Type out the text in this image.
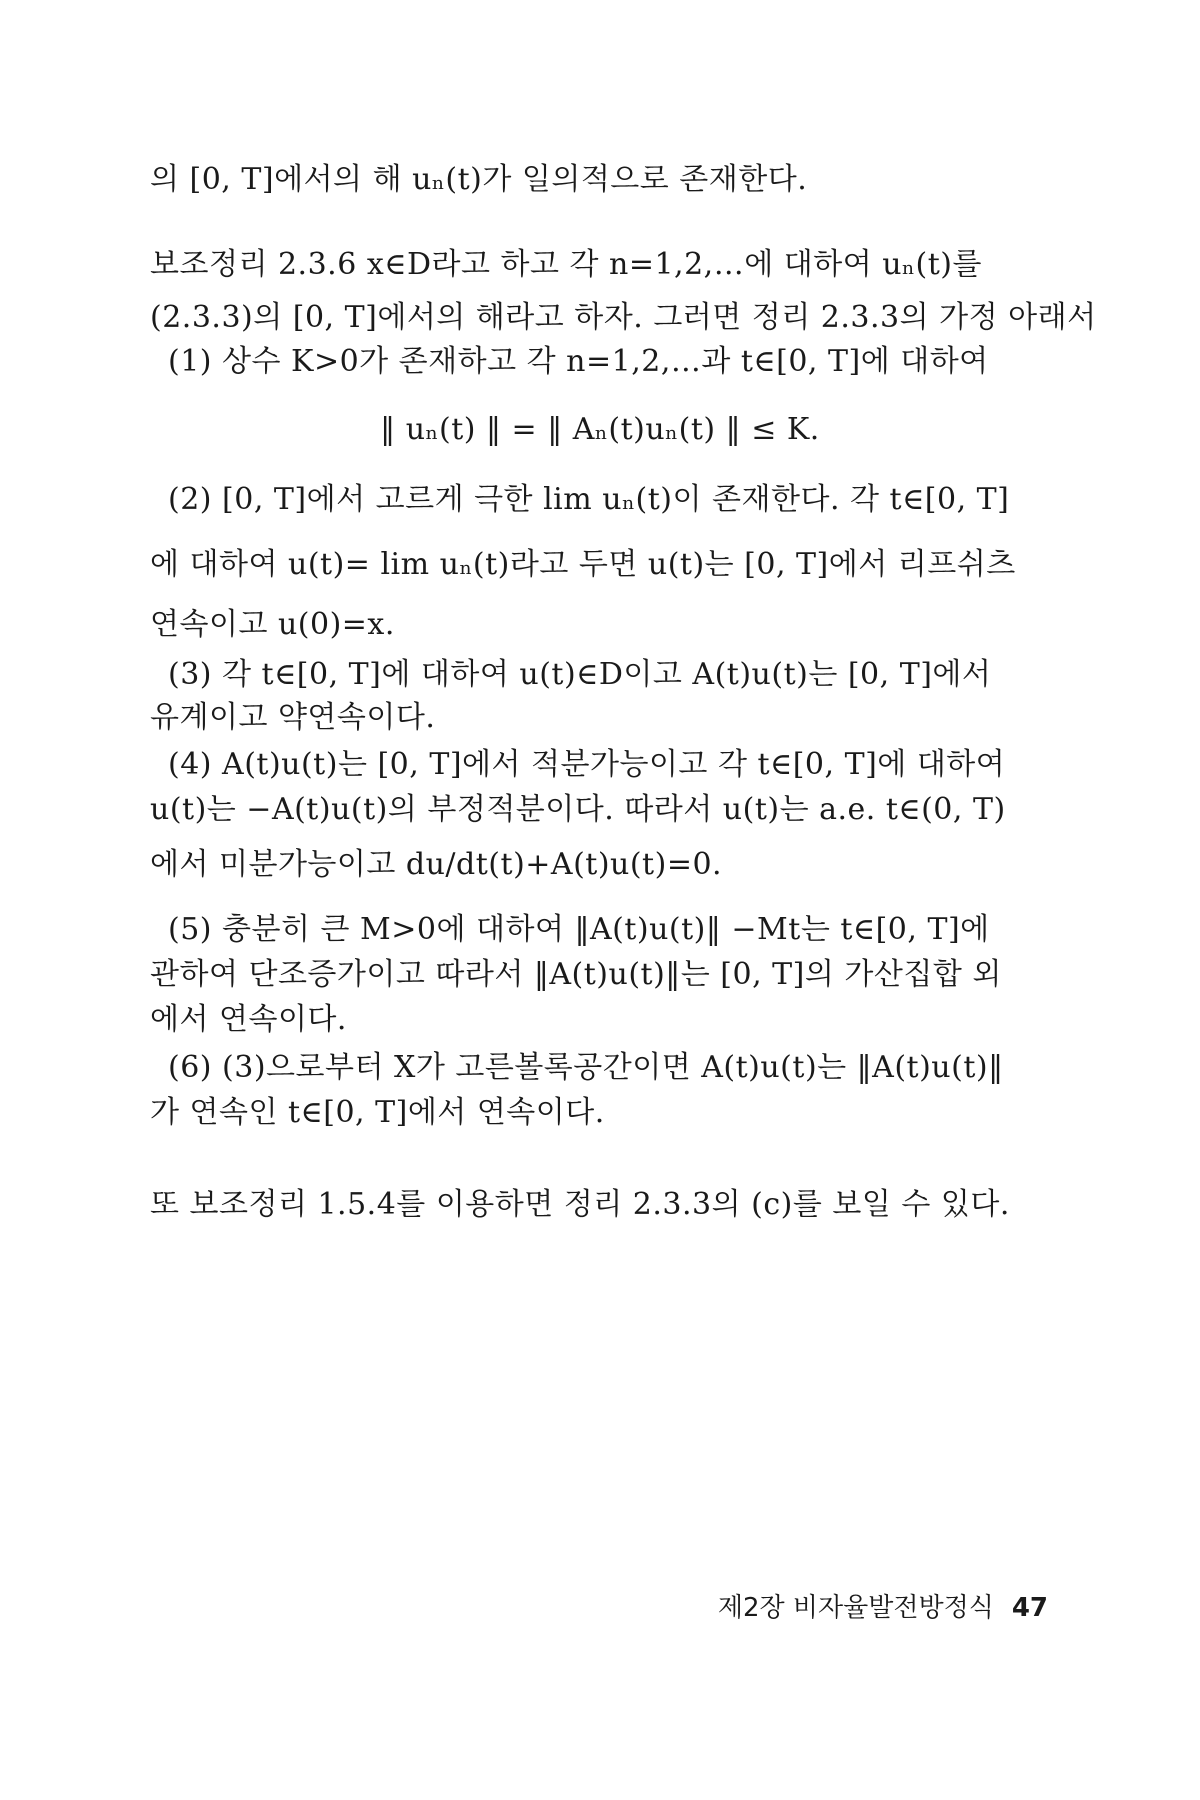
의 [0, T]에서의 해 uₙ(t)가 일의적으로 존재한다.
보조정리 2.3.6 x∈D라고 하고 각 n=1,2,…에 대하여 uₙ(t)를
(2.3.3)의 [0, T]에서의 해라고 하자. 그러면 정리 2.3.3의 가정 아래서
(1) 상수 K>0가 존재하고 각 n=1,2,…과 t∈[0, T]에 대하여
‖ uₙ(t) ‖ = ‖ Aₙ(t)uₙ(t) ‖ ≤ K.
(2) [0, T]에서 고르게 극한 lim uₙ(t)이 존재한다. 각 t∈[0, T]
에 대하여 u(t)= lim uₙ(t)라고 두면 u(t)는 [0, T]에서 리프쉬츠
연속이고 u(0)=x.
(3) 각 t∈[0, T]에 대하여 u(t)∈D이고 A(t)u(t)는 [0, T]에서
유계이고 약연속이다.
(4) A(t)u(t)는 [0, T]에서 적분가능이고 각 t∈[0, T]에 대하여
u(t)는 −A(t)u(t)의 부정적분이다. 따라서 u(t)는 a.e. t∈(0, T)
에서 미분가능이고 du/dt(t)+A(t)u(t)=0.
(5) 충분히 큰 M>0에 대하여 ‖A(t)u(t)‖ −Mt는 t∈[0, T]에
관하여 단조증가이고 따라서 ‖A(t)u(t)‖는 [0, T]의 가산집합 외
에서 연속이다.
(6) (3)으로부터 X가 고른볼록공간이면 A(t)u(t)는 ‖A(t)u(t)‖
가 연속인 t∈[0, T]에서 연속이다.
또 보조정리 1.5.4를 이용하면 정리 2.3.3의 (c)를 보일 수 있다.
제2장 비자율발전방정식 47
